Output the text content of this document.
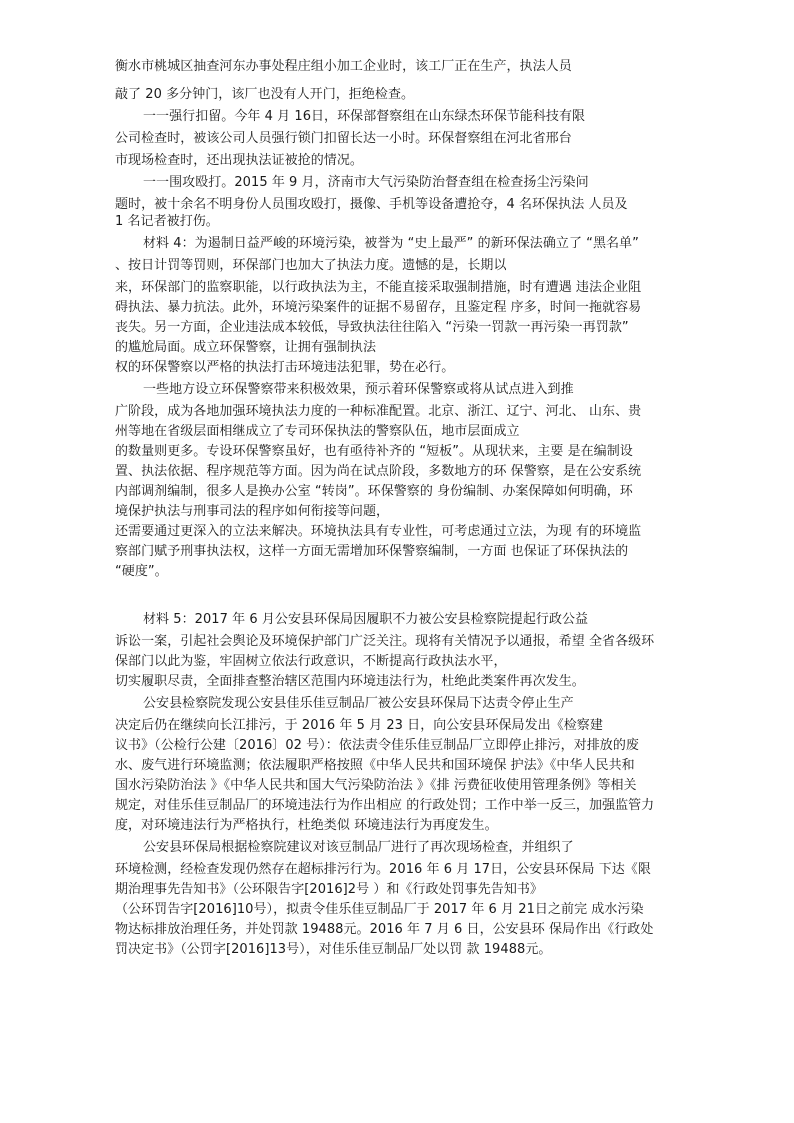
衡水市桃城区抽查河东办事处程庄组小加工企业时，该工厂正在生产，执法人员
敲了 20 多分钟门，该厂也没有人开门，拒绝检查。
一一强行扣留。今年 4 月 16日，环保部督察组在山东绿杰环保节能科技有限
公司检查时，被该公司人员强行锁门扣留长达一小时。环保督察组在河北省邢台
市现场检查时，还出现执法证被抢的情况。
一一围攻殴打。2015 年 9 月，济南市大气污染防治督查组在检查扬尘污染问
题时，被十余名不明身份人员围攻殴打，摄像、手机等设备遭抢夺，4 名环保执法 人员及
1 名记者被打伤。
材料 4：为遏制日益严峻的环境污染，被誉为 “史上最严” 的新环保法确立了 “黑名单”
、按日计罚等罚则，环保部门也加大了执法力度。遗憾的是，长期以
来，环保部门的监察职能，以行政执法为主，不能直接采取强制措施，时有遭遇 违法企业阻
碍执法、暴力抗法。此外，环境污染案件的证据不易留存，且鉴定程 序多，时间一拖就容易
丧失。另一方面，企业违法成本较低，导致执法往往陷入 “污染一罚款一再污染一再罚款”
的尴尬局面。成立环保警察，让拥有强制执法
权的环保警察以严格的执法打击环境违法犯罪，势在必行。
一些地方设立环保警察带来积极效果，预示着环保警察或将从试点进入到推
广阶段，成为各地加强环境执法力度的一种标准配置。北京、浙江、辽宁、河北、 山东、贵
州等地在省级层面相继成立了专司环保执法的警察队伍，地市层面成立
的数量则更多。专设环保警察虽好，也有亟待补齐的 “短板”。从现状来，主要 是在编制设
置、执法依据、程序规范等方面。因为尚在试点阶段，多数地方的环 保警察，是在公安系统
内部调剂编制，很多人是换办公室 “转岗”。环保警察的 身份编制、办案保障如何明确，环
境保护执法与刑事司法的程序如何衔接等问题，
还需要通过更深入的立法来解决。环境执法具有专业性，可考虑通过立法，为现 有的环境监
察部门赋予刑事执法权，这样一方面无需增加环保警察编制，一方面 也保证了环保执法的
“硬度”。
材料 5：2017 年 6 月公安县环保局因履职不力被公安县检察院提起行政公益
诉讼一案，引起社会舆论及环境保护部门广泛关注。现将有关情况予以通报，希望 全省各级环
保部门以此为鉴，牢固树立依法行政意识，不断提高行政执法水平，
切实履职尽责，全面排查整治辖区范围内环境违法行为，杜绝此类案件再次发生。
公安县检察院发现公安县佳乐佳豆制品厂被公安县环保局下达责令停止生产
决定后仍在继续向长江排污，于 2016 年 5 月 23 日，向公安县环保局发出《检察建
议书》（公检行公建〔2016〕02 号）：依法责令佳乐佳豆制品厂立即停止排污，对排放的废
水、废气进行环境监测；依法履职严格按照《中华人民共和国环境保 护法》《中华人民共和
国水污染防治法 》《中华人民共和国大气污染防治法 》《排 污费征收使用管理条例》等相关
规定，对佳乐佳豆制品厂的环境违法行为作出相应 的行政处罚；工作中举一反三，加强监管力
度，对环境违法行为严格执行，杜绝类似 环境违法行为再度发生。
公安县环保局根据检察院建议对该豆制品厂进行了再次现场检查，并组织了
环境检测，经检查发现仍然存在超标排污行为。2016 年 6 月 17日，公安县环保局 下达《限
期治理事先告知书》（公环限告字[2016]2号 ）和《行政处罚事先告知书》
（公环罚告字[2016]10号），拟责令佳乐佳豆制品厂于 2017 年 6 月 21日之前完 成水污染
物达标排放治理任务，并处罚款 19488元。2016 年 7 月 6 日，公安县环 保局作出《行政处
罚决定书》（公罚字[2016]13号），对佳乐佳豆制品厂处以罚 款 19488元。
